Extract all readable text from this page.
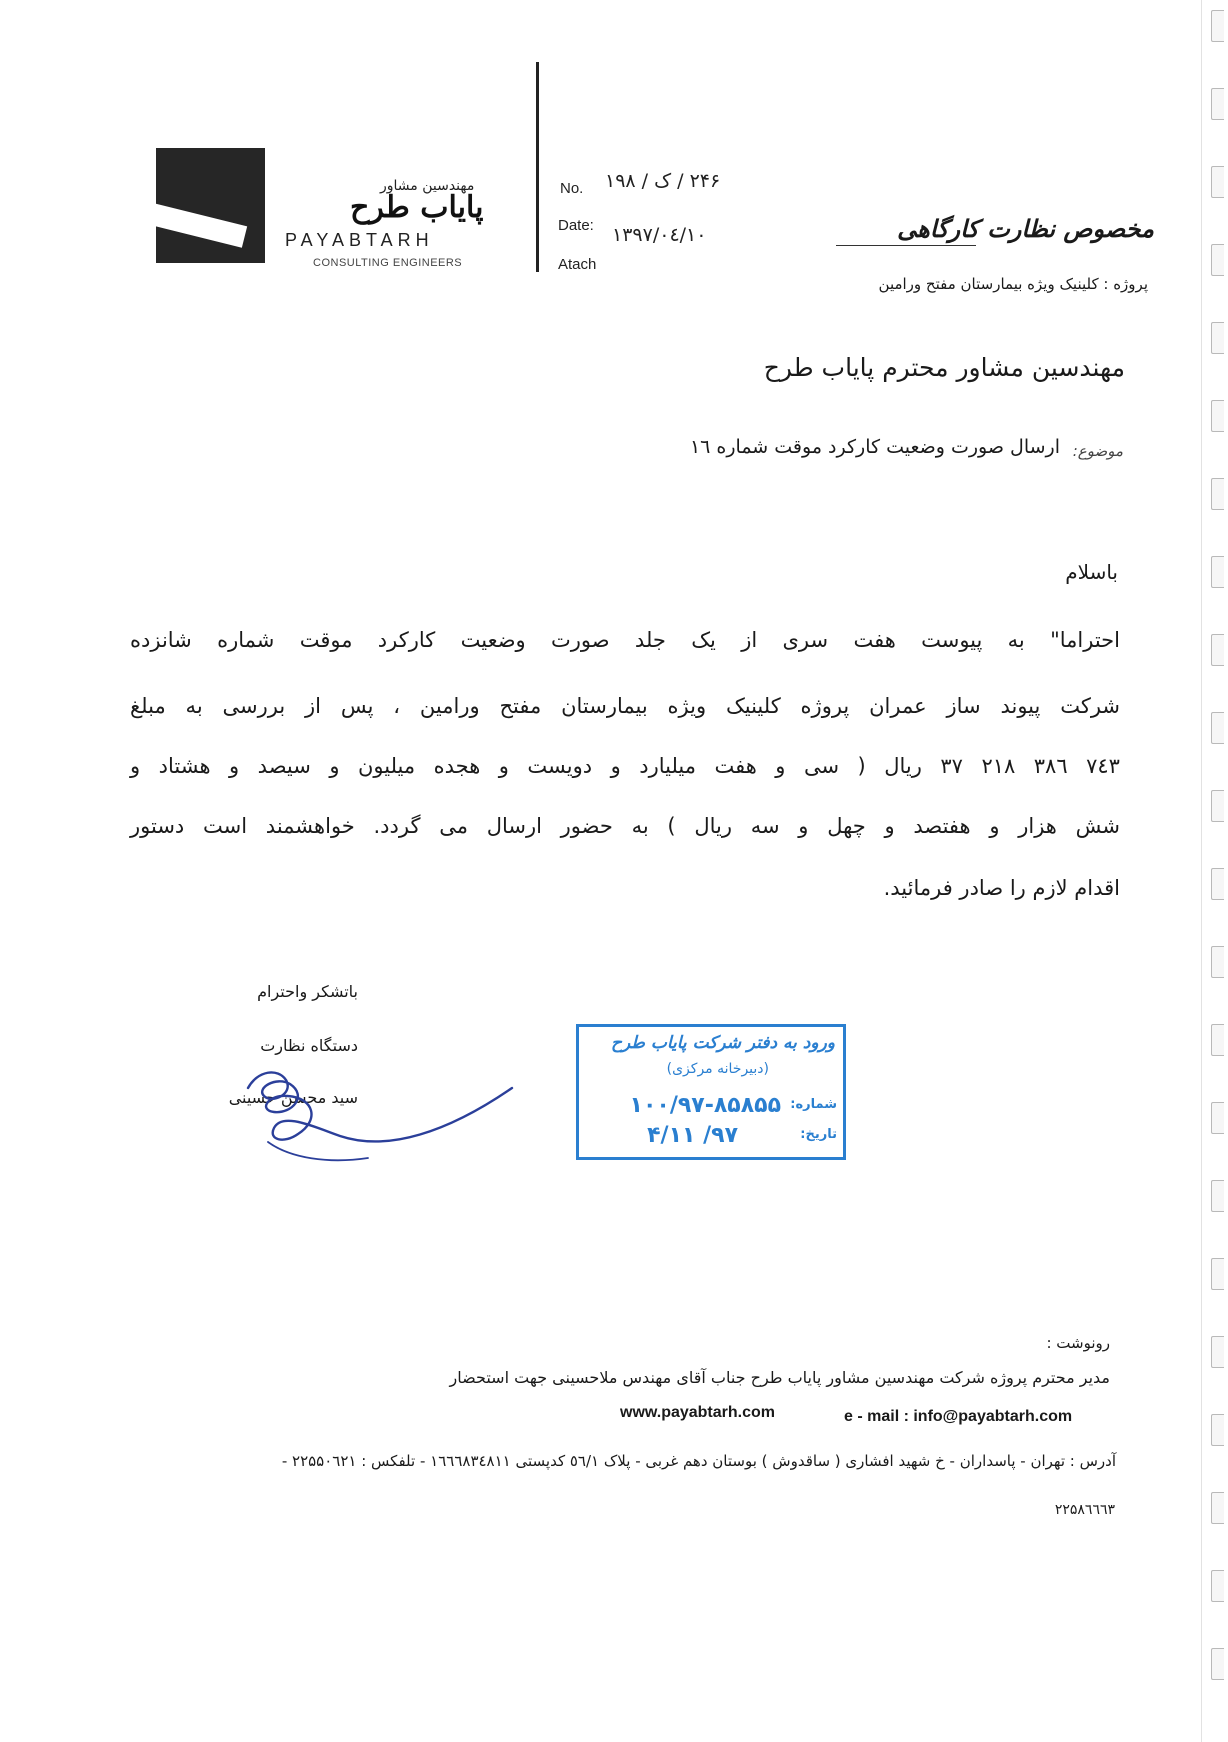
مهندسین مشاور
پایاب طرح
PAYABTARH
CONSULTING ENGINEERS
No. ۲۴۶ / ک / ۱۹۸
Date: ۱۳۹۷/۰٤/۱۰
Atach
مخصوص نظارت کارگاهی
پروژه : کلینیک ویژه بیمارستان مفتح ورامین
مهندسین مشاور محترم پایاب طرح
موضوع:
ارسال صورت وضعیت کارکرد موقت شماره ۱٦
باسلام
احتراما" به پیوست هفت سری از یک جلد صورت وضعیت کارکرد موقت شماره شانزده
شرکت پیوند ساز عمران پروژه کلینیک ویژه بیمارستان مفتح ورامین ، پس از بررسی به مبلغ
۷٤۳ ۳۸٦ ۲۱۸ ۳۷ ریال ( سی و هفت میلیارد و دویست و هجده میلیون و سیصد و هشتاد و
شش هزار و هفتصد و چهل و سه ریال ) به حضور ارسال می گردد. خواهشمند است دستور
اقدام لازم را صادر فرمائید.
باتشکر واحترام
دستگاه نظارت
سید محسن حسینی
ورود به دفتر شرکت پایاب طرح
(دبیرخانه مرکزی)
شماره:
۱۰۰/۹۷-۸۵۸۵۵
تاریخ:
۹۷/ ۴/۱۱
رونوشت :
مدیر محترم پروژه شرکت مهندسین مشاور پایاب طرح جناب آقای مهندس ملاحسینی جهت استحضار
www.payabtarh.com	e - mail : info@payabtarh.com
آدرس : تهران - پاسداران - خ شهید افشاری ( ساقدوش ) بوستان دهم غربی - پلاک ٥٦/۱ کدپستی ۱٦٦٦۸۳٤۸۱۱ - تلفکس : ۲۲۵۵۰٦۲۱ -
۲۲۵۸٦٦٦۳
